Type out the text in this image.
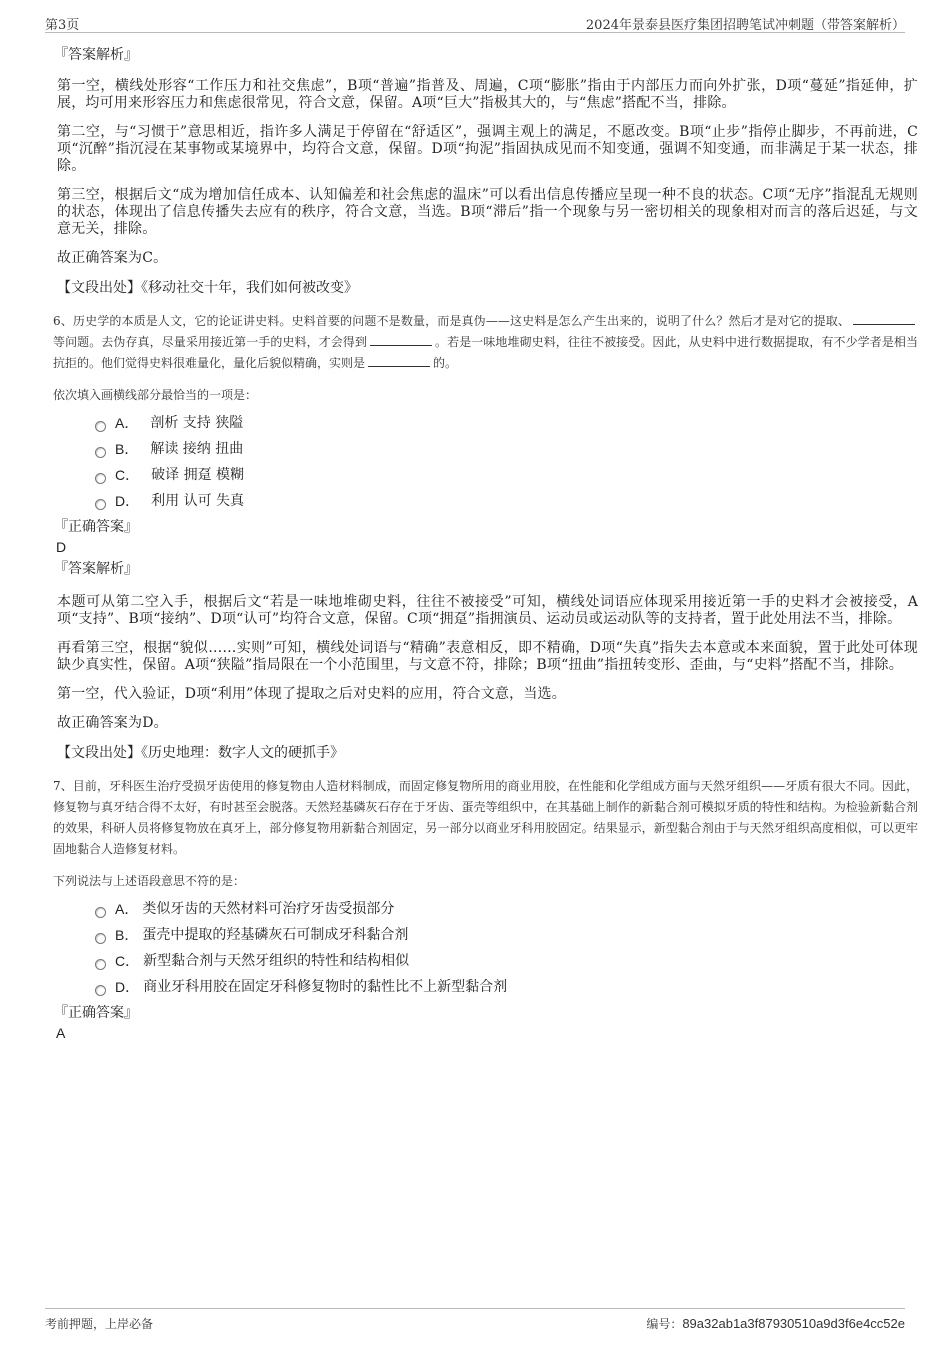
第3页	2024年景泰县医疗集团招聘笔试冲刺题（带答案解析）

『答案解析』

第一空，横线处形容“工作压力和社交焦虑”，B项“普遍”指普及、周遍，C项“膨胀”指由于内部压力而向外扩张，D项“蔓延”指延伸，扩展，均可用来形容压力和焦虑很常见，符合文意，保留。A项“巨大”指极其大的，与“焦虑”搭配不当，排除。

第二空，与“习惯于”意思相近，指许多人满足于停留在“舒适区”，强调主观上的满足，不愿改变。B项“止步”指停止脚步，不再前进，C项“沉醉”指沉浸在某事物或某境界中，均符合文意，保留。D项“拘泥”指固执成见而不知变通，强调不知变通，而非满足于某一状态，排除。

第三空，根据后文“成为增加信任成本、认知偏差和社会焦虑的温床”可以看出信息传播应呈现一种不良的状态。C项“无序”指混乱无规则的状态，体现出了信息传播失去应有的秩序，符合文意，当选。B项“滞后”指一个现象与另一密切相关的现象相对而言的落后迟延，与文意无关，排除。

故正确答案为C。

【文段出处】《移动社交十年，我们如何被改变》

6、历史学的本质是人文，它的论证讲史料。史料首要的问题不是数量，而是真伪——这史料是怎么产生出来的，说明了什么？然后才是对它的提取、等问题。去伪存真，尽量采用接近第一手的史料，才会得到	。若是一味地堆砌史料，往往不被接受。因此，从史料中进行数据提取，有不少学者是相当抗拒的。他们觉得史料很难量化，量化后貌似精确，实则是	的。

依次填入画横线部分最恰当的一项是：

A． 剖析 支持 狭隘
B． 解读 接纳 扭曲
C． 破译 拥趸 模糊
D． 利用 认可 失真

『正确答案』

D

『答案解析』

本题可从第二空入手，根据后文“若是一味地堆砌史料，往往不被接受”可知，横线处词语应体现采用接近第一手的史料才会被接受，A项“支持”、B项“接纳”、D项“认可”均符合文意，保留。C项“拥趸”指拥演员、运动员或运动队等的支持者，置于此处用法不当，排除。

再看第三空，根据“貌似……实则”可知，横线处词语与“精确”表意相反，即不精确，D项“失真”指失去本意或本来面貌，置于此处可体现缺少真实性，保留。A项“狭隘”指局限在一个小范围里，与文意不符，排除；B项“扭曲”指扭转变形、歪曲，与“史料”搭配不当，排除。

第一空，代入验证，D项“利用”体现了提取之后对史料的应用，符合文意，当选。

故正确答案为D。

【文段出处】《历史地理：数字人文的硬抓手》

7、目前，牙科医生治疗受损牙齿使用的修复物由人造材料制成，而固定修复物所用的商业用胶，在性能和化学组成方面与天然牙组织——牙质有很大不同。因此，修复物与真牙结合得不太好，有时甚至会脱落。天然羟基磷灰石存在于牙齿、蛋壳等组织中，在其基础上制作的新黏合剂可模拟牙质的特性和结构。为检验新黏合剂的效果，科研人员将修复物放在真牙上，部分修复物用新黏合剂固定，另一部分以商业牙科用胶固定。结果显示，新型黏合剂由于与天然牙组织高度相似，可以更牢固地黏合人造修复材料。

下列说法与上述语段意思不符的是：

A． 类似牙齿的天然材料可治疗牙齿受损部分
B． 蛋壳中提取的羟基磷灰石可制成牙科黏合剂
C． 新型黏合剂与天然牙组织的特性和结构相似
D． 商业牙科用胶在固定牙科修复物时的黏性比不上新型黏合剂

『正确答案』

A

考前押题，上岸必备	编号：89a32ab1a3f87930510a9d3f6e4cc52e
